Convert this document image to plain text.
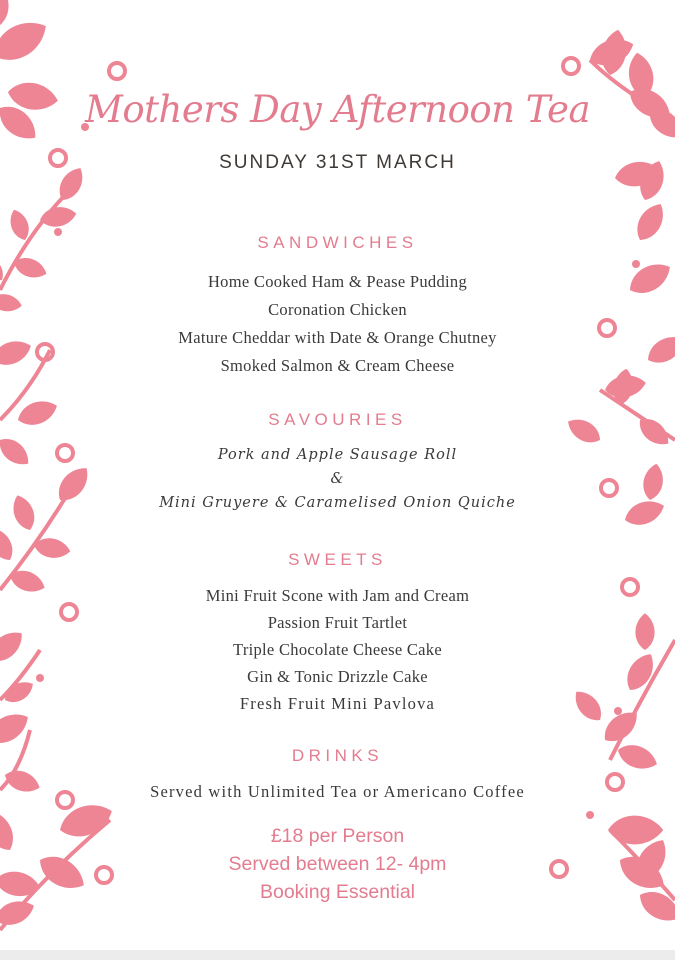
Mothers Day Afternoon Tea
SUNDAY 31ST MARCH
SANDWICHES
Home Cooked Ham & Pease Pudding
Coronation Chicken
Mature Cheddar with Date & Orange Chutney
Smoked Salmon & Cream Cheese
SAVOURIES
Pork and Apple Sausage Roll
&
Mini Gruyere & Caramelised Onion Quiche
SWEETS
Mini Fruit Scone with Jam and Cream
Passion Fruit Tartlet
Triple Chocolate Cheese Cake
Gin & Tonic Drizzle Cake
Fresh Fruit Mini Pavlova
DRINKS
Served with Unlimited Tea or Americano Coffee
£18 per Person
Served between 12- 4pm
Booking Essential
